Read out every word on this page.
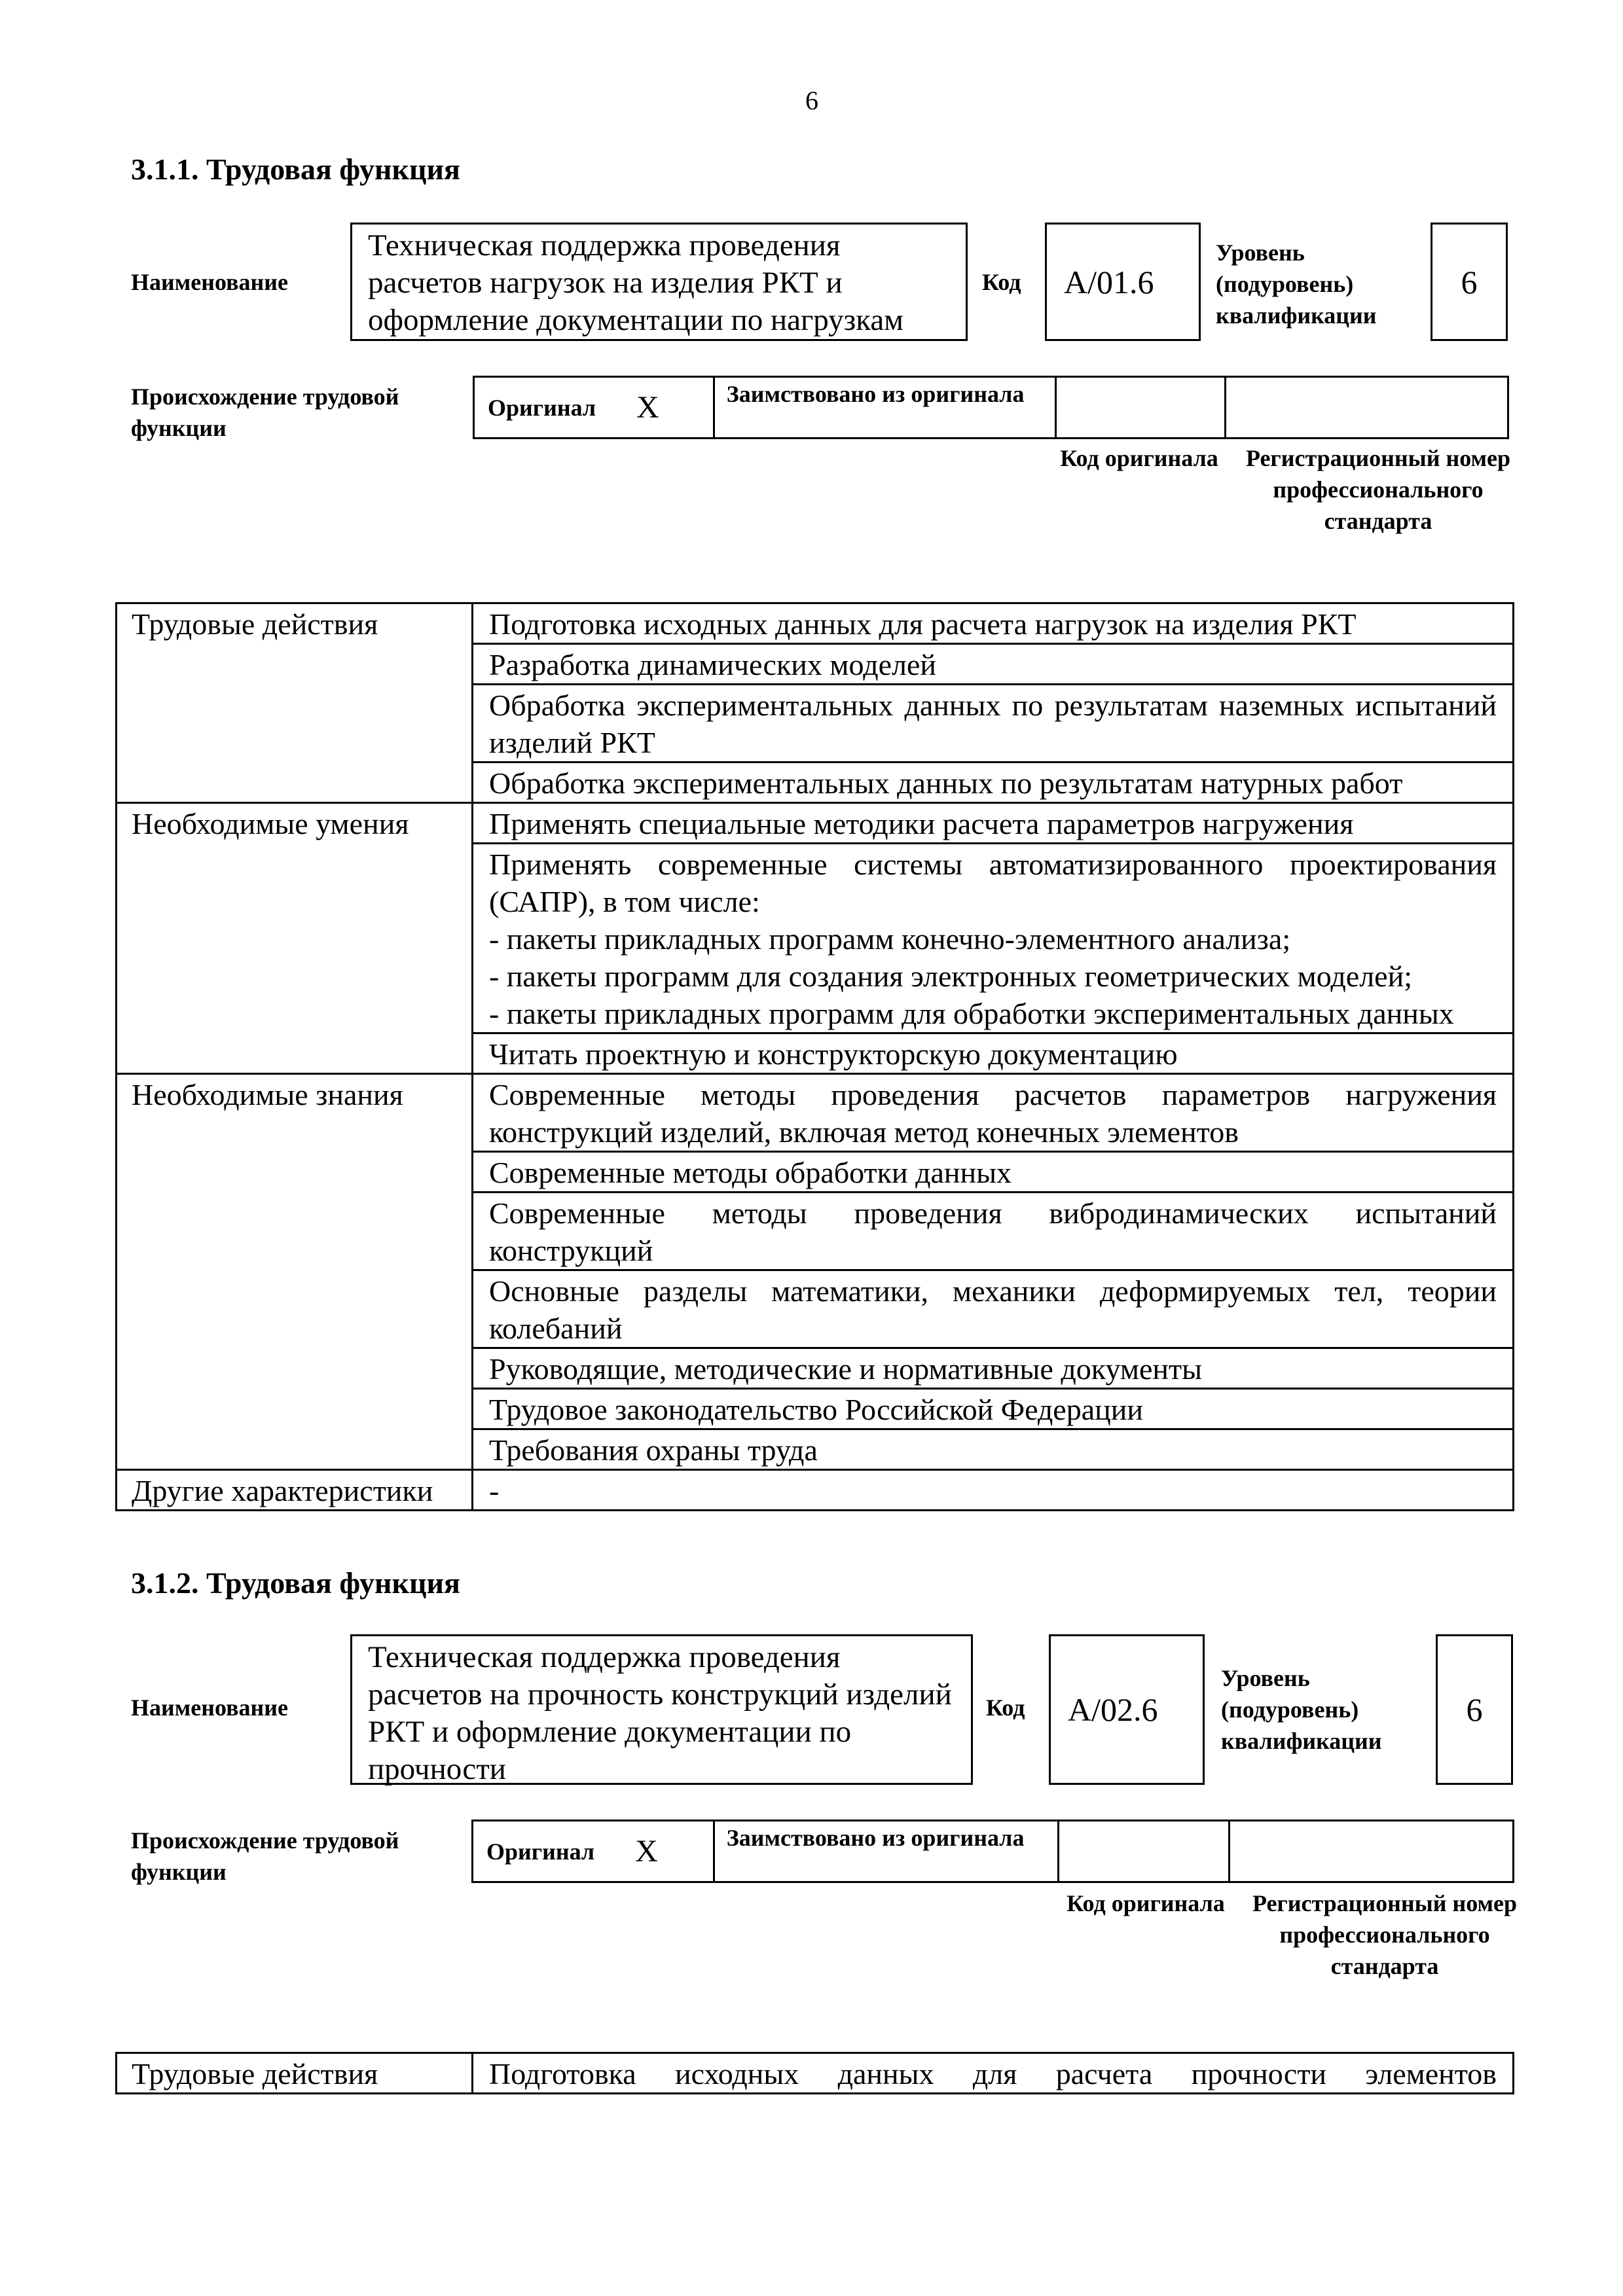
6
3.1.1. Трудовая функция
Наименование
Техническая поддержка проведения расчетов нагрузок на изделия РКТ и оформление документации по нагрузкам
Код	А/01.6
Уровень
(подуровень)
квалификации
6
Происхождение трудовой функции
Оригинал X	Заимствовано из оригинала

Код оригинала Регистрационный номер профессионального стандарта
Трудовые действия	Подготовка исходных данных для расчета нагрузок на изделия РКТ
	Разработка динамических моделей
	Обработка экспериментальных данных по результатам наземных испытаний изделий РКТ
	Обработка экспериментальных данных по результатам натурных работ
Необходимые умения	Применять специальные методики расчета параметров нагружения

	Применять современные системы автоматизированного проектирования (САПР), в том числе:
- пакеты прикладных программ конечно-элементного анализа;
- пакеты программ для создания электронных геометрических моделей;
- пакеты прикладных программ для обработки экспериментальных данных

	Читать проектную и конструкторскую документацию
Необходимые знания	Современные методы проведения расчетов параметров нагружения конструкций изделий, включая метод конечных элементов
	Современные методы обработки данных
	Современные методы проведения вибродинамических испытаний конструкций
	Основные разделы математики, механики деформируемых тел, теории колебаний
	Руководящие, методические и нормативные документы
	Трудовое законодательство Российской Федерации
	Требования охраны труда
Другие характеристики	-
3.1.2. Трудовая функция
Наименование
Техническая поддержка проведения расчетов на прочность конструкций изделий РКТ и оформление документации по прочности
Код	А/02.6
Уровень
(подуровень)
квалификации
6
Происхождение трудовой функции
Оригинал X	Заимствовано из оригинала

Код оригинала Регистрационный номер профессионального стандарта
Трудовые действия	Подготовка исходных данных для расчета прочности элементов
